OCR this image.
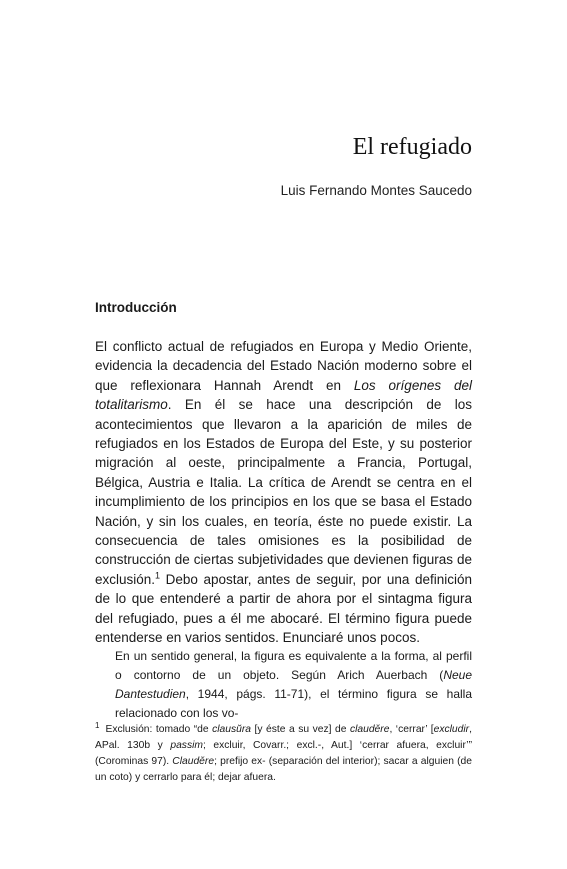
El refugiado

Luis Fernando Montes Saucedo

Introducción

El conflicto actual de refugiados en Europa y Medio Oriente, evidencia la decadencia del Estado Nación moderno sobre el que reflexionara Hannah Arendt en Los orígenes del totalitarismo. En él se hace una descripción de los acontecimientos que llevaron a la aparición de miles de refugiados en los Estados de Europa del Este, y su posterior migración al oeste, principalmente a Francia, Portugal, Bélgica, Austria e Italia. La crítica de Arendt se centra en el incumplimiento de los principios en los que se basa el Estado Nación, y sin los cuales, en teoría, éste no puede existir. La consecuencia de tales omisiones es la posibilidad de construcción de ciertas subjetividades que devienen figuras de exclusión.$^1$ Debo apostar, antes de seguir, por una definición de lo que entenderé a partir de ahora por el sintagma figura del refugiado, pues a él me abocaré. El término figura puede entenderse en varios sentidos. Enunciaré unos pocos.

En un sentido general, la figura es equivalente a la forma, al perfil o contorno de un objeto. Según Arich Auerbach (Neue Dantestudien, 1944, págs. 11-71), el término figura se halla relacionado con los vo-

$^1$ Exclusión: tomado “de clausŭra [y éste a su vez] de claudĕre, ‘cerrar’ [excludir, APal. 130b y passim; excluir, Covarr.; excl.-, Aut.] ‘cerrar afuera, excluir’” (Corominas 97). Claudĕre; prefijo ex- (separación del interior); sacar a alguien (de un coto) y cerrarlo para él; dejar afuera.
